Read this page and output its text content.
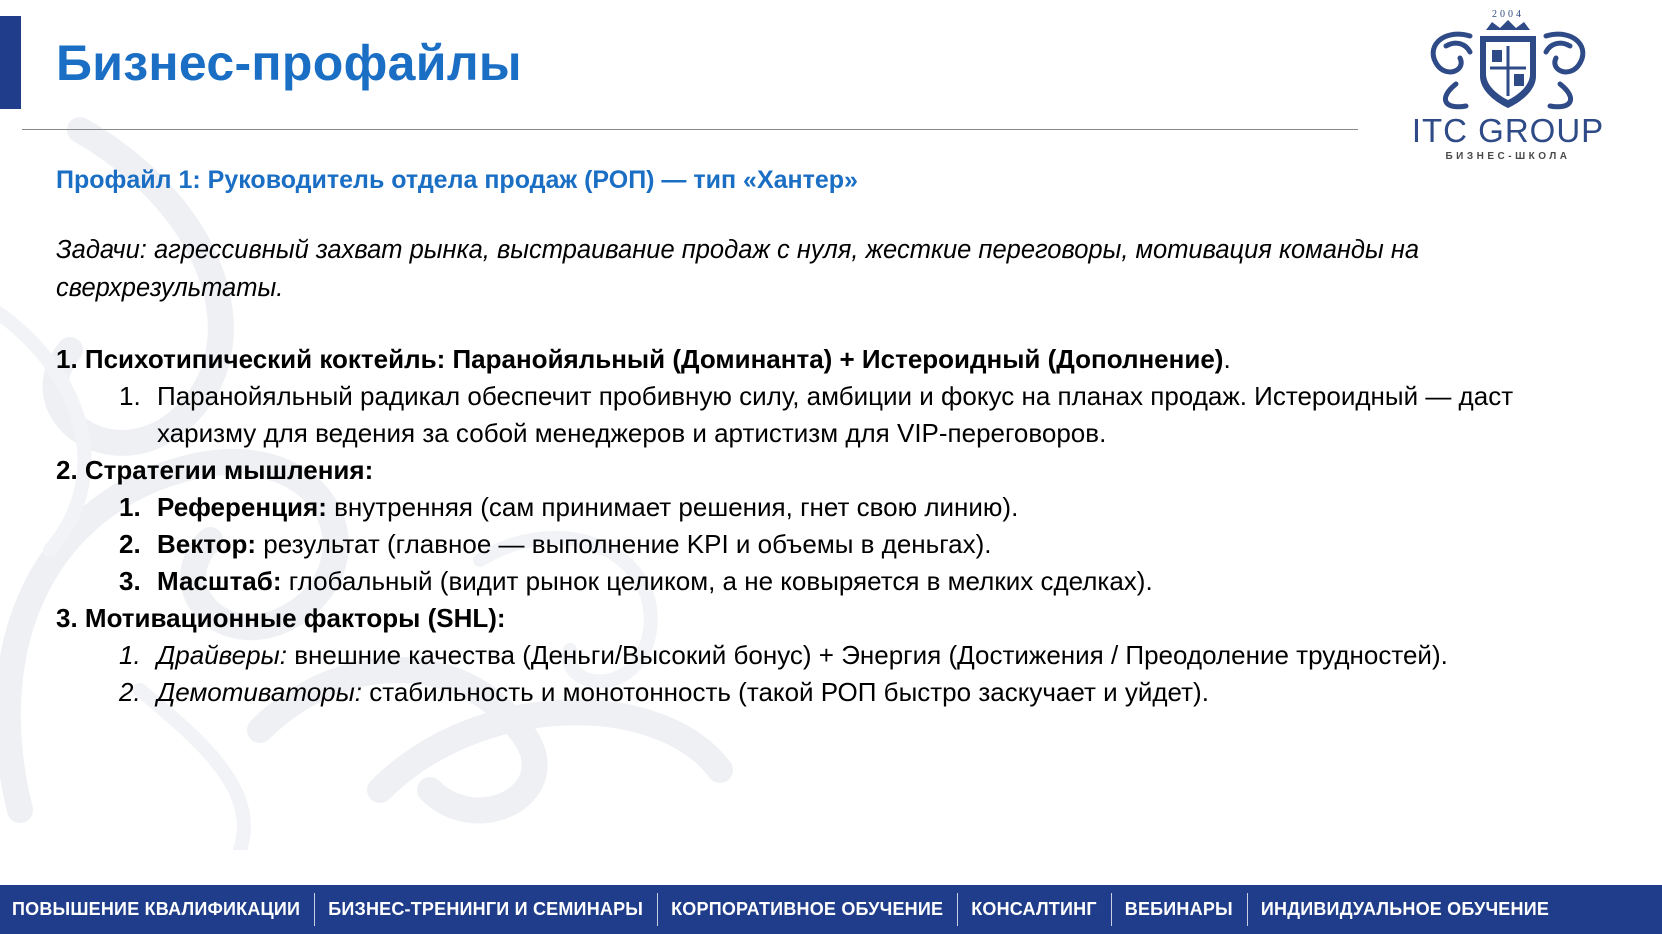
Бизнес-профайлы
2004
ITC GROUP
БИЗНЕС-ШКОЛА
Профайл 1: Руководитель отдела продаж (РОП) — тип «Хантер»
Задачи: агрессивный захват рынка, выстраивание продаж с нуля, жесткие переговоры, мотивация команды на сверхрезультаты.
1. Психотипический коктейль: Паранойяльный (Доминанта) + Истероидный (Дополнение).
1. Паранойяльный радикал обеспечит пробивную силу, амбиции и фокус на планах продаж. Истероидный — даст харизму для ведения за собой менеджеров и артистизм для VIP-переговоров.
2. Стратегии мышления:
1. Референция: внутренняя (сам принимает решения, гнет свою линию).
2. Вектор: результат (главное — выполнение KPI и объемы в деньгах).
3. Масштаб: глобальный (видит рынок целиком, а не ковыряется в мелких сделках).
3. Мотивационные факторы (SHL):
1. Драйверы: внешние качества (Деньги/Высокий бонус) + Энергия (Достижения / Преодоление трудностей).
2. Демотиваторы: стабильность и монотонность (такой РОП быстро заскучает и уйдет).
ПОВЫШЕНИЕ КВАЛИФИКАЦИИ БИЗНЕС-ТРЕНИНГИ И СЕМИНАРЫ КОРПОРАТИВНОЕ ОБУЧЕНИЕ КОНСАЛТИНГ ВЕБИНАРЫ ИНДИВИДУАЛЬНОЕ ОБУЧЕНИЕ
